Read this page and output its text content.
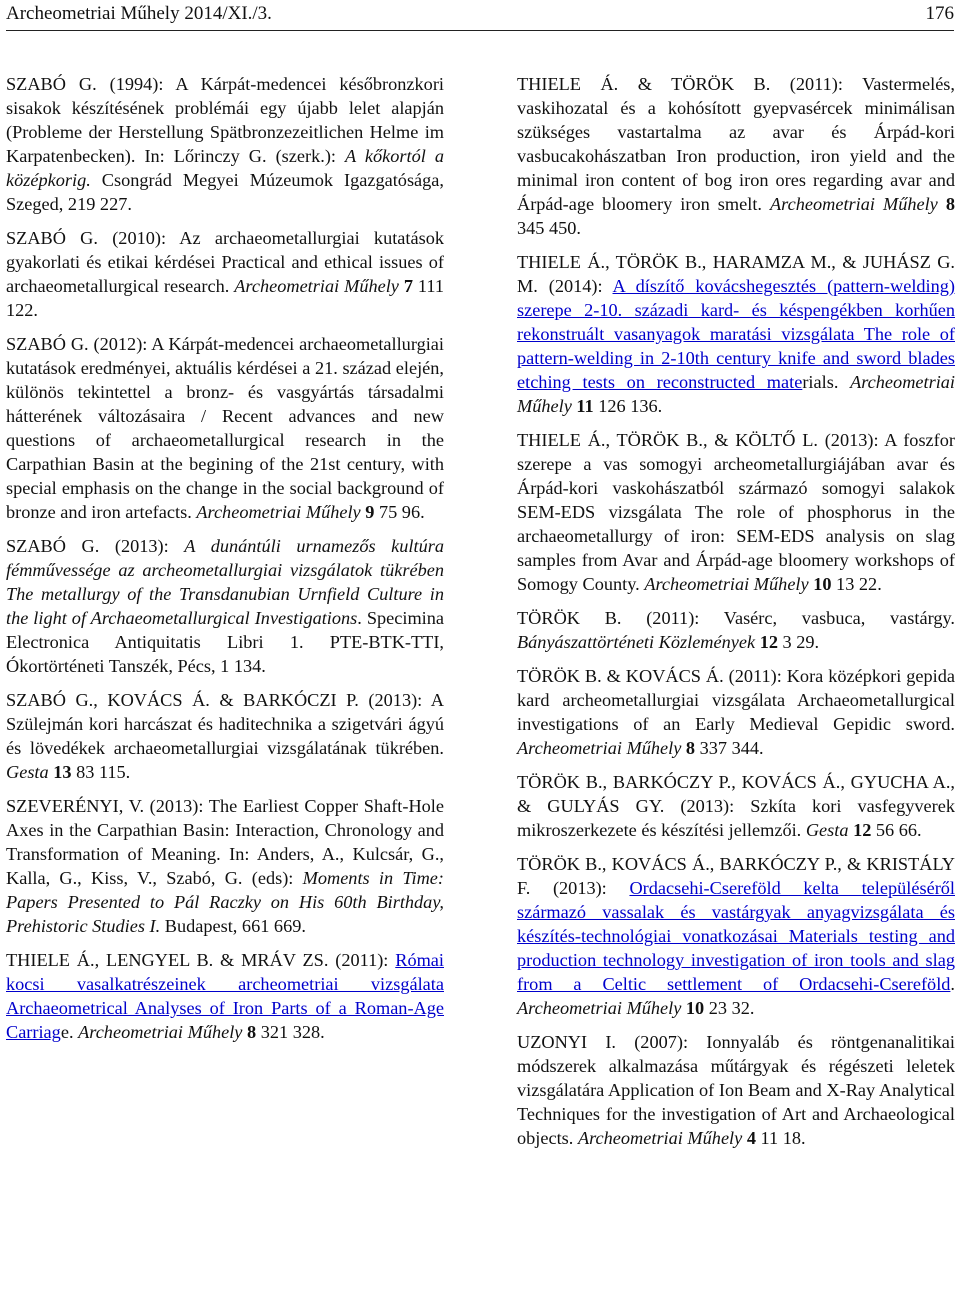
Archeometriai Műhely 2014/XI./3.	176

SZABÓ G. (1994): A Kárpát-medencei későbronzkori sisakok készítésének problémái egy újabb lelet alapján (Probleme der Herstellung Spätbronzezeitlichen Helme im Karpatenbecken). In: Lőrinczy G. (szerk.): A kőkortól a középkorig. Csongrád Megyei Múzeumok Igazgatósága, Szeged, 219 227.

SZABÓ G. (2010): Az archaeometallurgiai kutatások gyakorlati és etikai kérdései Practical and ethical issues of archaeometallurgical research. Archeometriai Műhely 7 111 122.

SZABÓ G. (2012): A Kárpát-medencei archaeometallurgiai kutatások eredményei, aktuális kérdései a 21. század elején, különös tekintettel a bronz- és vasgyártás társadalmi hátterének változásaira / Recent advances and new questions of archaeometallurgical research in the Carpathian Basin at the begining of the 21st century, with special emphasis on the change in the social background of bronze and iron artefacts. Archeometriai Műhely 9 75 96.

SZABÓ G. (2013): A dunántúli urnamezős kultúra fémművessége az archeometallurgiai vizsgálatok tükrében The metallurgy of the Transdanubian Urnfield Culture in the light of Archaeometallurgical Investigations. Specimina Electronica Antiquitatis Libri 1. PTE-BTK-TTI, Ókortörténeti Tanszék, Pécs, 1 134.

SZABÓ G., KOVÁCS Á. & BARKÓCZI P. (2013): A Szülejmán kori harcászat és haditechnika a szigetvári ágyú és lövedékek archaeometallurgiai vizsgálatának tükrében. Gesta 13 83 115.

SZEVERÉNYI, V. (2013): The Earliest Copper Shaft-Hole Axes in the Carpathian Basin: Interaction, Chronology and Transformation of Meaning. In: Anders, A., Kulcsár, G., Kalla, G., Kiss, V., Szabó, G. (eds): Moments in Time: Papers Presented to Pál Raczky on His 60th Birthday, Prehistoric Studies I. Budapest, 661 669.

THIELE Á., LENGYEL B. & MRÁV ZS. (2011): Római kocsi vasalkatrészeinek archeometriai vizsgálata Archaeometrical Analyses of Iron Parts of a Roman-Age Carriage. Archeometriai Műhely 8 321 328.

THIELE Á. & TÖRÖK B. (2011): Vastermelés, vaskihozatal és a kohósított gyepvasércek minimálisan szükséges vastartalma az avar és Árpád-kori vasbucakohászatban Iron production, iron yield and the minimal iron content of bog iron ores regarding avar and Árpád-age bloomery iron smelt. Archeometriai Műhely 8 345 450.

THIELE Á., TÖRÖK B., HARAMZA M., & JUHÁSZ G. M. (2014): A díszítő kovácshegesztés (pattern-welding) szerepe 2-10. századi kard- és késpengékben korhűen rekonstruált vasanyagok maratási vizsgálata The role of pattern-welding in 2-10th century knife and sword blades etching tests on reconstructed materials. Archeometriai Műhely 11 126 136.

THIELE Á., TÖRÖK B., & KÖLTŐ L. (2013): A foszfor szerepe a vas somogyi archeometallurgiájában avar és Árpád-kori vaskohászatból származó somogyi salakok SEM-EDS vizsgálata The role of phosphorus in the archaeometallurgy of iron: SEM-EDS analysis on slag samples from Avar and Árpád-age bloomery workshops of Somogy County. Archeometriai Műhely 10 13 22.

TÖRÖK B. (2011): Vasérc, vasbuca, vastárgy. Bányászattörténeti Közlemények 12 3 29.

TÖRÖK B. & KOVÁCS Á. (2011): Kora középkori gepida kard archeometallurgiai vizsgálata Archaeometallurgical investigations of an Early Medieval Gepidic sword. Archeometriai Műhely 8 337 344.

TÖRÖK B., BARKÓCZY P., KOVÁCS Á., GYUCHA A., & GULYÁS GY. (2013): Szkíta kori vasfegyverek mikroszerkezete és készítési jellemzői. Gesta 12 56 66.

TÖRÖK B., KOVÁCS Á., BARKÓCZY P., & KRISTÁLY F. (2013): Ordacsehi-Csereföld kelta településéről származó vassalak és vastárgyak anyagvizsgálata és készítés-technológiai vonatkozásai Materials testing and production technology investigation of iron tools and slag from a Celtic settlement of Ordacsehi-Csereföld. Archeometriai Műhely 10 23 32.

UZONYI I. (2007): Ionnyaláb és röntgenanalitikai módszerek alkalmazása műtárgyak és régészeti leletek vizsgálatára Application of Ion Beam and X-Ray Analytical Techniques for the investigation of Art and Archaeological objects. Archeometriai Műhely 4 11 18.
